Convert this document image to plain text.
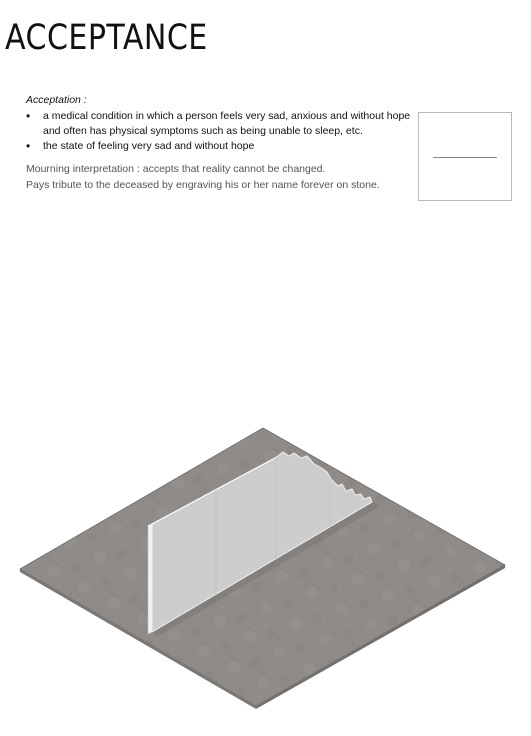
ACCEPTANCE
Acceptation :
• a medical condition in which a person feels very sad, anxious and without hope and often has physical symptoms such as being unable to sleep, etc.
• the state of feeling very sad and without hope
Mourning interpretation : accepts that reality cannot be changed.
Pays tribute to the deceased by engraving his or her name forever on stone.
